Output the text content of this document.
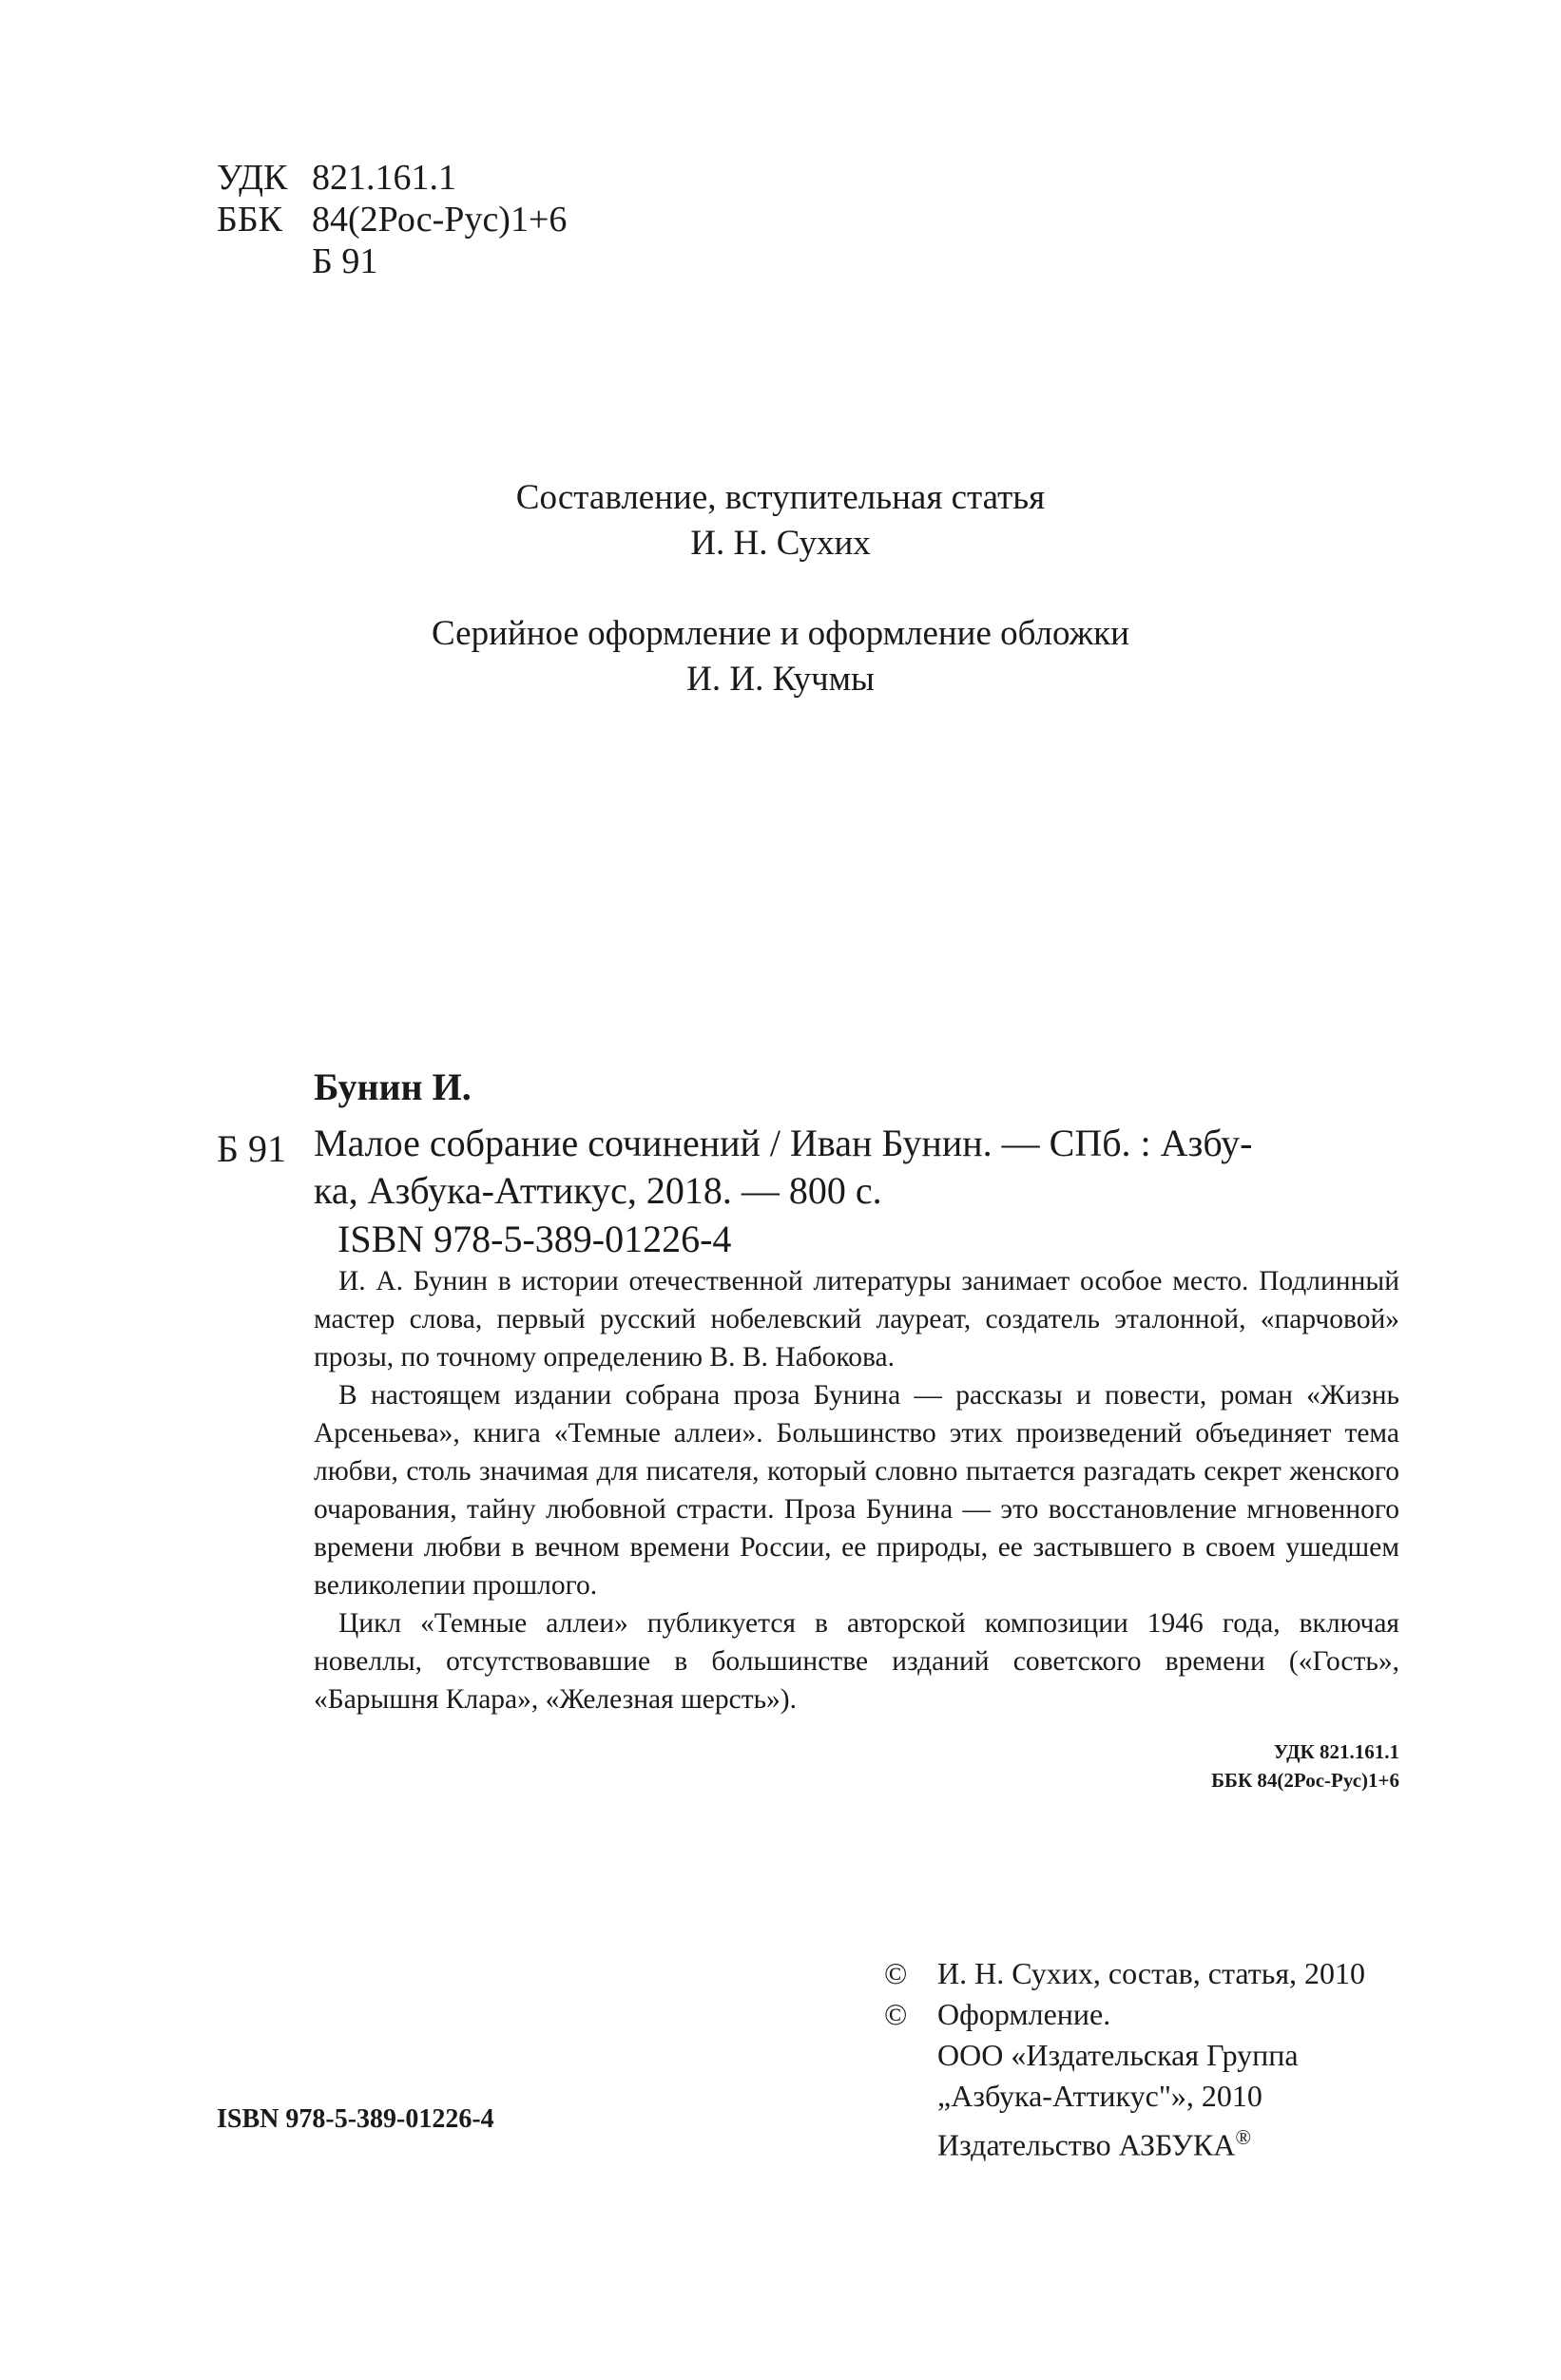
УДК 821.161.1
ББК 84(2Рос-Рус)1+6
Б 91
Составление, вступительная статья
И. Н. Сухих
Серийное оформление и оформление обложки
И. И. Кучмы
Бунин И.
Б 91 Малое собрание сочинений / Иван Бунин. — СПб. : Азбу-
ка, Азбука-Аттикус, 2018. — 800 с.
ISBN 978-5-389-01226-4

И. А. Бунин в истории отечественной литературы занимает особое место. Подлинный мастер слова, первый русский нобелевский лауреат, создатель эталонной, «парчовой» прозы, по точному определению В. В. Набокова.

В настоящем издании собрана проза Бунина — рассказы и повести, роман «Жизнь Арсеньева», книга «Темные аллеи». Большинство этих произведений объединяет тема любви, столь значимая для писателя, который словно пытается разгадать секрет женского очарования, тайну любовной страсти. Проза Бунина — это восстановление мгновенного времени любви в вечном времени России, ее природы, ее застывшего в своем ушедшем великолепии прошлого.

Цикл «Темные аллеи» публикуется в авторской композиции 1946 года, включая новеллы, отсутствовавшие в большинстве изданий советского времени («Гость», «Барышня Клара», «Железная шерсть»).

УДК 821.161.1
ББК 84(2Рос-Рус)1+6
© И. Н. Сухих, состав, статья, 2010
© Оформление.
ООО «Издательская Группа
„Азбука-Аттикус"», 2010
Издательство АЗБУКА®
ISBN 978-5-389-01226-4
